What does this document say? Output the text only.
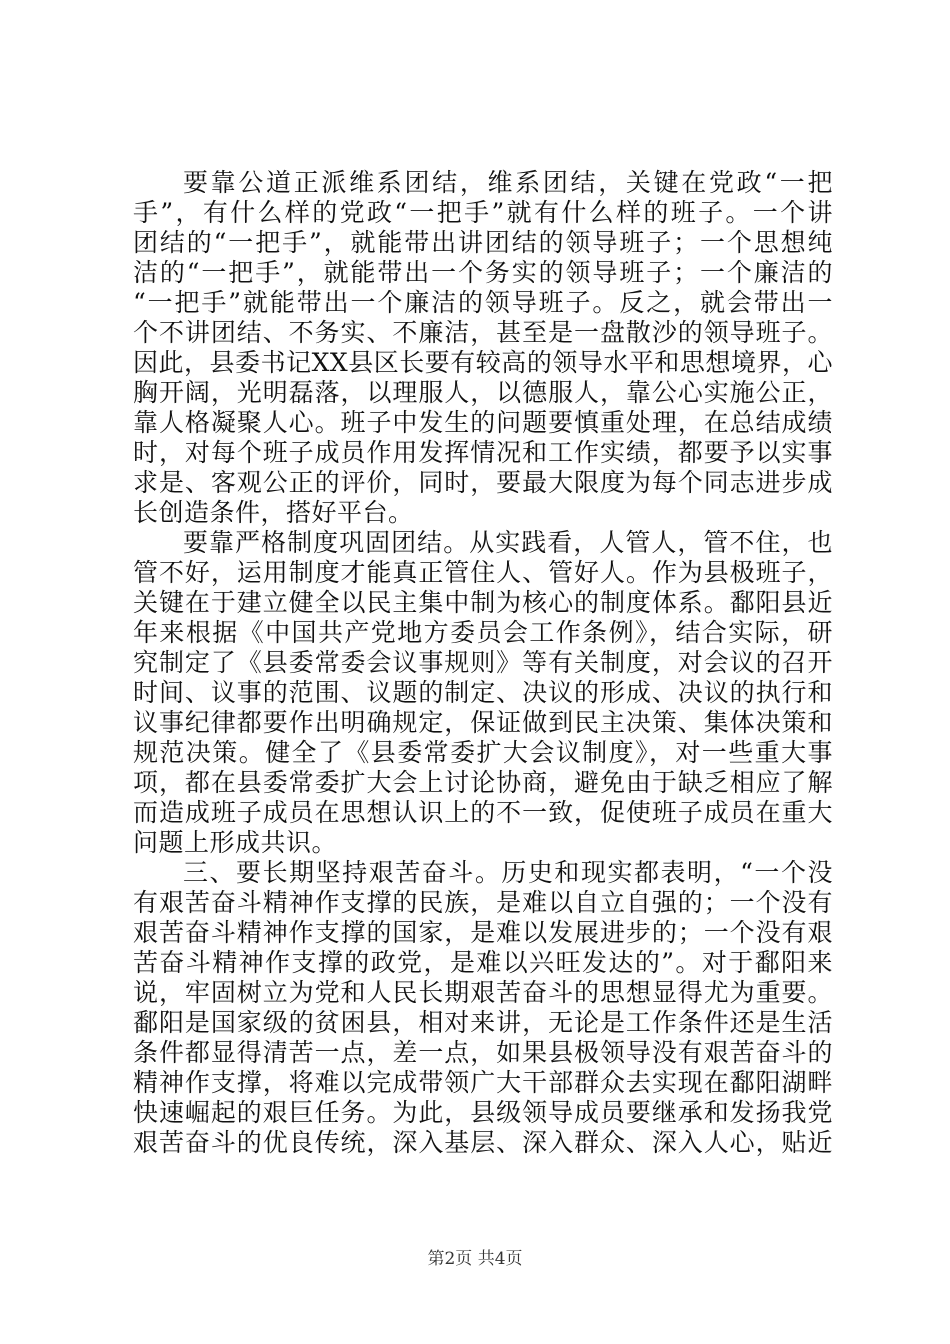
要靠公道正派维系团结，维系团结，关键在党政“一把
手”，有什么样的党政“一把手”就有什么样的班子。一个讲
团结的“一把手”，就能带出讲团结的领导班子；一个思想纯
洁的“一把手”，就能带出一个务实的领导班子；一个廉洁的
“一把手”就能带出一个廉洁的领导班子。反之，就会带出一
个不讲团结、不务实、不廉洁，甚至是一盘散沙的领导班子。
因此，县委书记XX县区长要有较高的领导水平和思想境界，心
胸开阔，光明磊落，以理服人，以德服人，靠公心实施公正，
靠人格凝聚人心。班子中发生的问题要慎重处理，在总结成绩
时，对每个班子成员作用发挥情况和工作实绩，都要予以实事
求是、客观公正的评价，同时，要最大限度为每个同志进步成
长创造条件，搭好平台。
要靠严格制度巩固团结。从实践看，人管人，管不住，也
管不好，运用制度才能真正管住人、管好人。作为县极班子，
关键在于建立健全以民主集中制为核心的制度体系。鄱阳县近
年来根据《中国共产党地方委员会工作条例》，结合实际，研
究制定了《县委常委会议事规则》等有关制度，对会议的召开
时间、议事的范围、议题的制定、决议的形成、决议的执行和
议事纪律都要作出明确规定，保证做到民主决策、集体决策和
规范决策。健全了《县委常委扩大会议制度》，对一些重大事
项，都在县委常委扩大会上讨论协商，避免由于缺乏相应了解
而造成班子成员在思想认识上的不一致，促使班子成员在重大
问题上形成共识。
三、要长期坚持艰苦奋斗。历史和现实都表明，“一个没
有艰苦奋斗精神作支撑的民族，是难以自立自强的；一个没有
艰苦奋斗精神作支撑的国家，是难以发展进步的；一个没有艰
苦奋斗精神作支撑的政党，是难以兴旺发达的”。对于鄱阳来
说，牢固树立为党和人民长期艰苦奋斗的思想显得尤为重要。
鄱阳是国家级的贫困县，相对来讲，无论是工作条件还是生活
条件都显得清苦一点，差一点，如果县极领导没有艰苦奋斗的
精神作支撑，将难以完成带领广大干部群众去实现在鄱阳湖畔
快速崛起的艰巨任务。为此，县级领导成员要继承和发扬我党
艰苦奋斗的优良传统，深入基层、深入群众、深入人心，贴近
第2页 共4页
